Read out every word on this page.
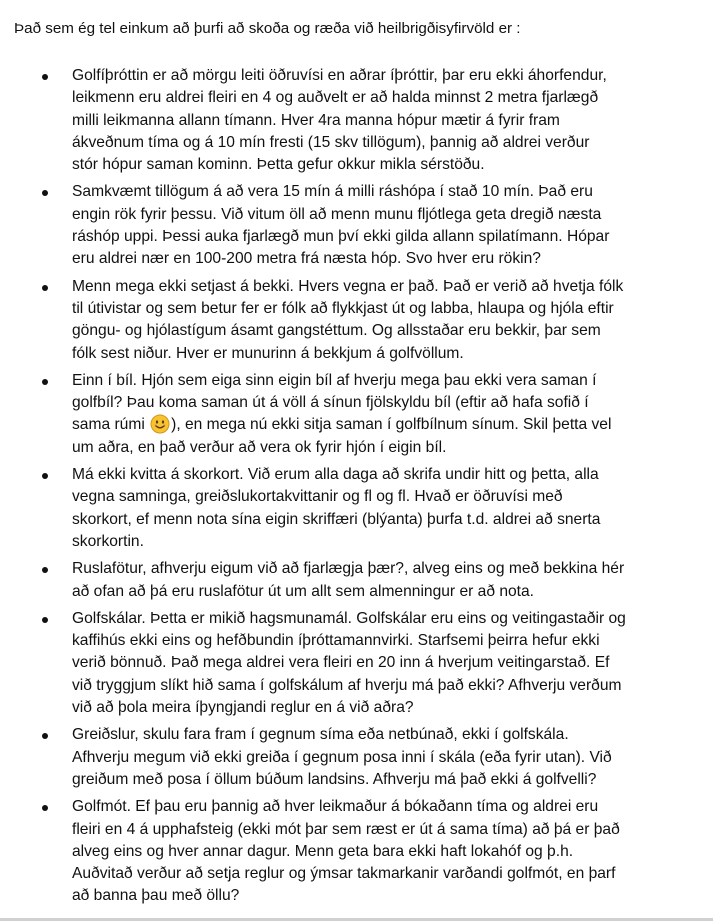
Það sem ég tel einkum að þurfi að skoða og ræða við heilbrigðisyfirvöld er :

Golfíþróttin er að mörgu leiti öðruvísi en aðrar íþróttir, þar eru ekki áhorfendur,
leikmenn eru aldrei fleiri en 4 og auðvelt er að halda minnst 2 metra fjarlægð
milli leikmanna allann tímann. Hver 4ra manna hópur mætir á fyrir fram
ákveðnum tíma og á 10 mín fresti (15 skv tillögum), þannig að aldrei verður
stór hópur saman kominn. Þetta gefur okkur mikla sérstöðu.
Samkvæmt tillögum á að vera 15 mín á milli ráshópa í stað 10 mín. Það eru
engin rök fyrir þessu. Við vitum öll að menn munu fljótlega geta dregið næsta
ráshóp uppi. Þessi auka fjarlægð mun því ekki gilda allann spilatímann. Hópar
eru aldrei nær en 100-200 metra frá næsta hóp. Svo hver eru rökin?
Menn mega ekki setjast á bekki. Hvers vegna er það. Það er verið að hvetja fólk
til útivistar og sem betur fer er fólk að flykkjast út og labba, hlaupa og hjóla eftir
göngu- og hjólastígum ásamt gangstéttum. Og allsstaðar eru bekkir, þar sem
fólk sest niður. Hver er munurinn á bekkjum á golfvöllum.
Einn í bíl. Hjón sem eiga sinn eigin bíl af hverju mega þau ekki vera saman í
golfbíl? Þau koma saman út á völl á sínun fjölskyldu bíl (eftir að hafa sofið í
sama rúmi
), en mega nú ekki sitja saman í golfbílnum sínum. Skil þetta vel
um aðra, en það verður að vera ok fyrir hjón í eigin bíl.
Má ekki kvitta á skorkort. Við erum alla daga að skrifa undir hitt og þetta, alla
vegna samninga, greiðslukortakvittanir og fl og fl. Hvað er öðruvísi með
skorkort, ef menn nota sína eigin skriffæri (blýanta) þurfa t.d. aldrei að snerta
skorkortin.
Ruslafötur, afhverju eigum við að fjarlægja þær?, alveg eins og með bekkina hér
að ofan að þá eru ruslafötur út um allt sem almenningur er að nota.
Golfskálar. Þetta er mikið hagsmunamál. Golfskálar eru eins og veitingastaðir og
kaffihús ekki eins og hefðbundin íþróttamannvirki. Starfsemi þeirra hefur ekki
verið bönnuð. Það mega aldrei vera fleiri en 20 inn á hverjum veitingarstað. Ef
við tryggjum slíkt hið sama í golfskálum af hverju má það ekki? Afhverju verðum
við að þola meira íþyngjandi reglur en á við aðra?
Greiðslur, skulu fara fram í gegnum síma eða netbúnað, ekki í golfskála.
Afhverju megum við ekki greiða í gegnum posa inni í skála (eða fyrir utan). Við
greiðum með posa í öllum búðum landsins. Afhverju má það ekki á golfvelli?
Golfmót. Ef þau eru þannig að hver leikmaður á bókaðann tíma og aldrei eru
fleiri en 4 á upphafsteig (ekki mót þar sem ræst er út á sama tíma) að þá er það
alveg eins og hver annar dagur. Menn geta bara ekki haft lokahóf og þ.h.
Auðvitað verður að setja reglur og ýmsar takmarkanir varðandi golfmót, en þarf
að banna þau með öllu?
